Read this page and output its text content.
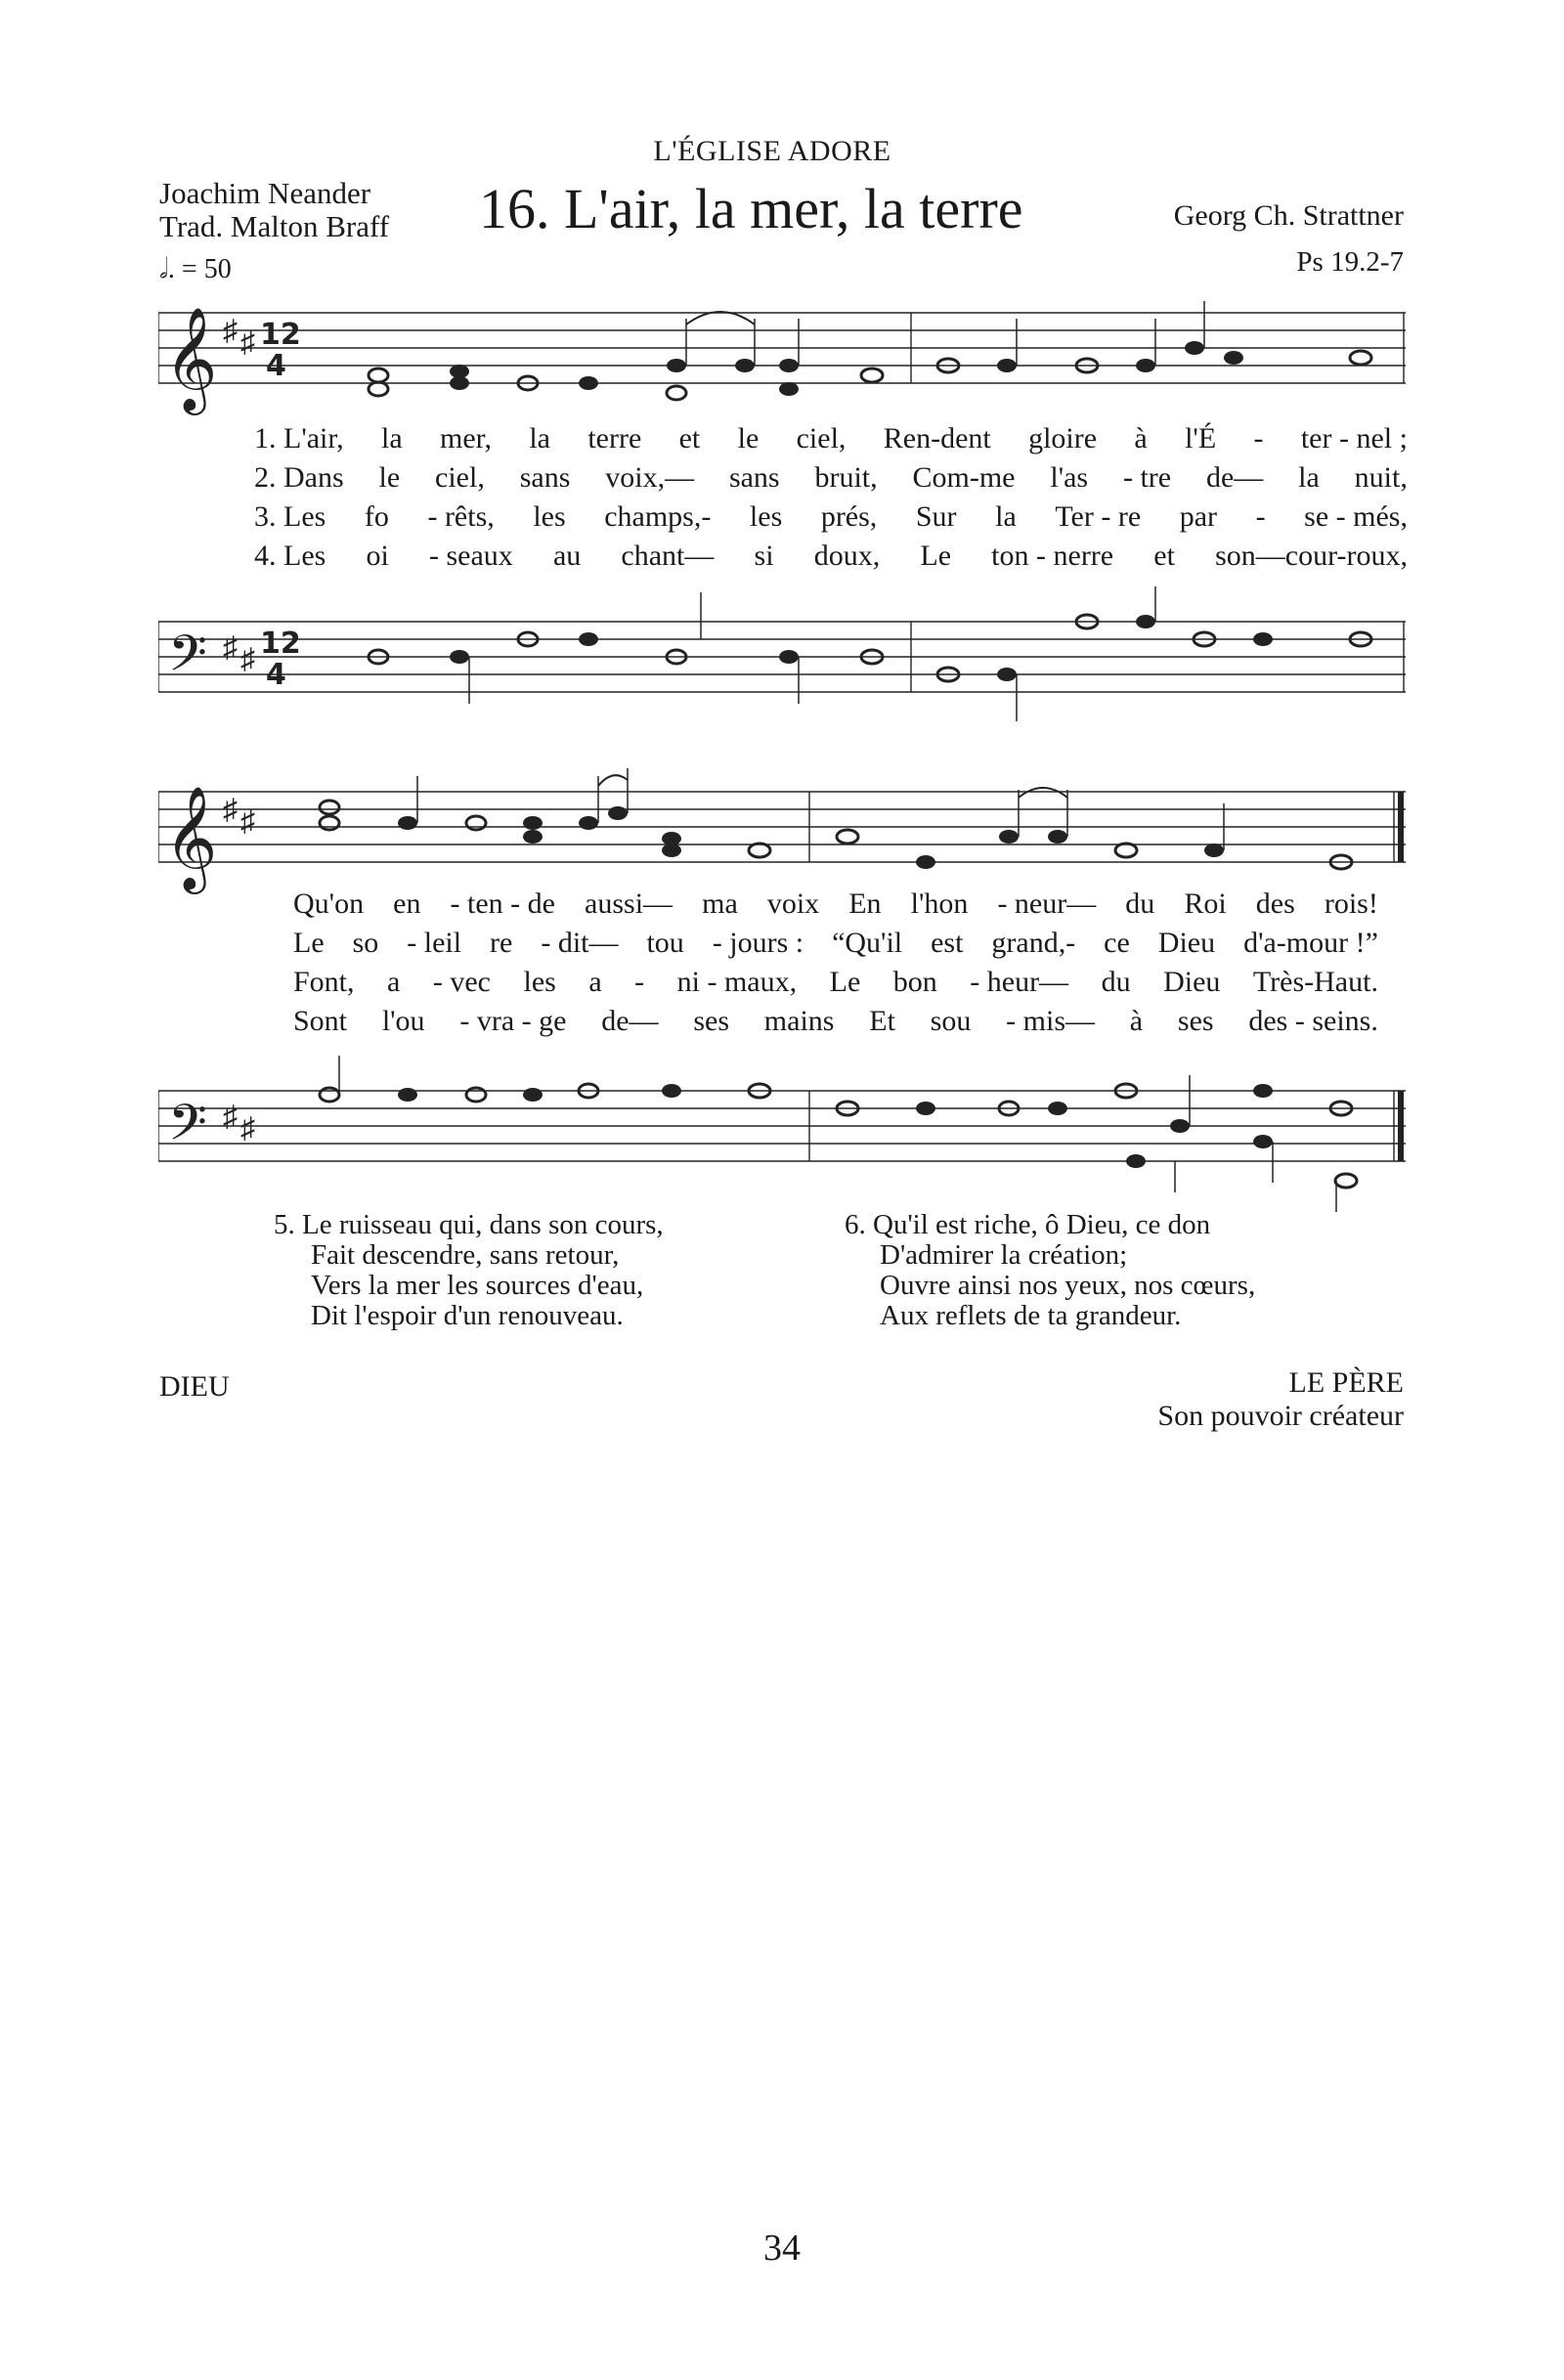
L'ÉGLISE ADORE
Joachim Neander
Trad. Malton Braff
𝅗𝅥. = 50
16. L'air, la mer, la terre	Georg Ch. Strattner
Ps 19.2-7
𝄞 ♯ ♯ 12
4
1. L'air, la mer, la terre et le ciel, Ren-dent gloire à l'É - ter - nel ;
2. Dans le ciel, sans voix,— sans bruit, Com-me l'as - tre de— la nuit,
3. Les fo - rêts, les champs,- les prés, Sur la Ter - re par - se - més,
4. Les oi - seaux au chant— si doux, Le ton - nerre et son—cour-roux,
𝄢 ♯ ♯ 12
4
𝄞 ♯ ♯
Qu'on en - ten - de aussi— ma voix En l'hon - neur— du Roi des rois!
Le so - leil re - dit— tou - jours : “Qu'il est grand,- ce Dieu d'a-mour !”
Font, a - vec les a - ni - maux, Le bon - heur— du Dieu Très-Haut.
Sont l'ou - vra - ge de— ses mains Et sou - mis— à ses des - seins.
𝄢 ♯ ♯
5. Le ruisseau qui, dans son cours,
Fait descendre, sans retour,
Vers la mer les sources d'eau,
Dit l'espoir d'un renouveau.
6. Qu'il est riche, ô Dieu, ce don
D'admirer la création;
Ouvre ainsi nos yeux, nos cœurs,
Aux reflets de ta grandeur.
DIEU	LE PÈRE
Son pouvoir créateur
34
